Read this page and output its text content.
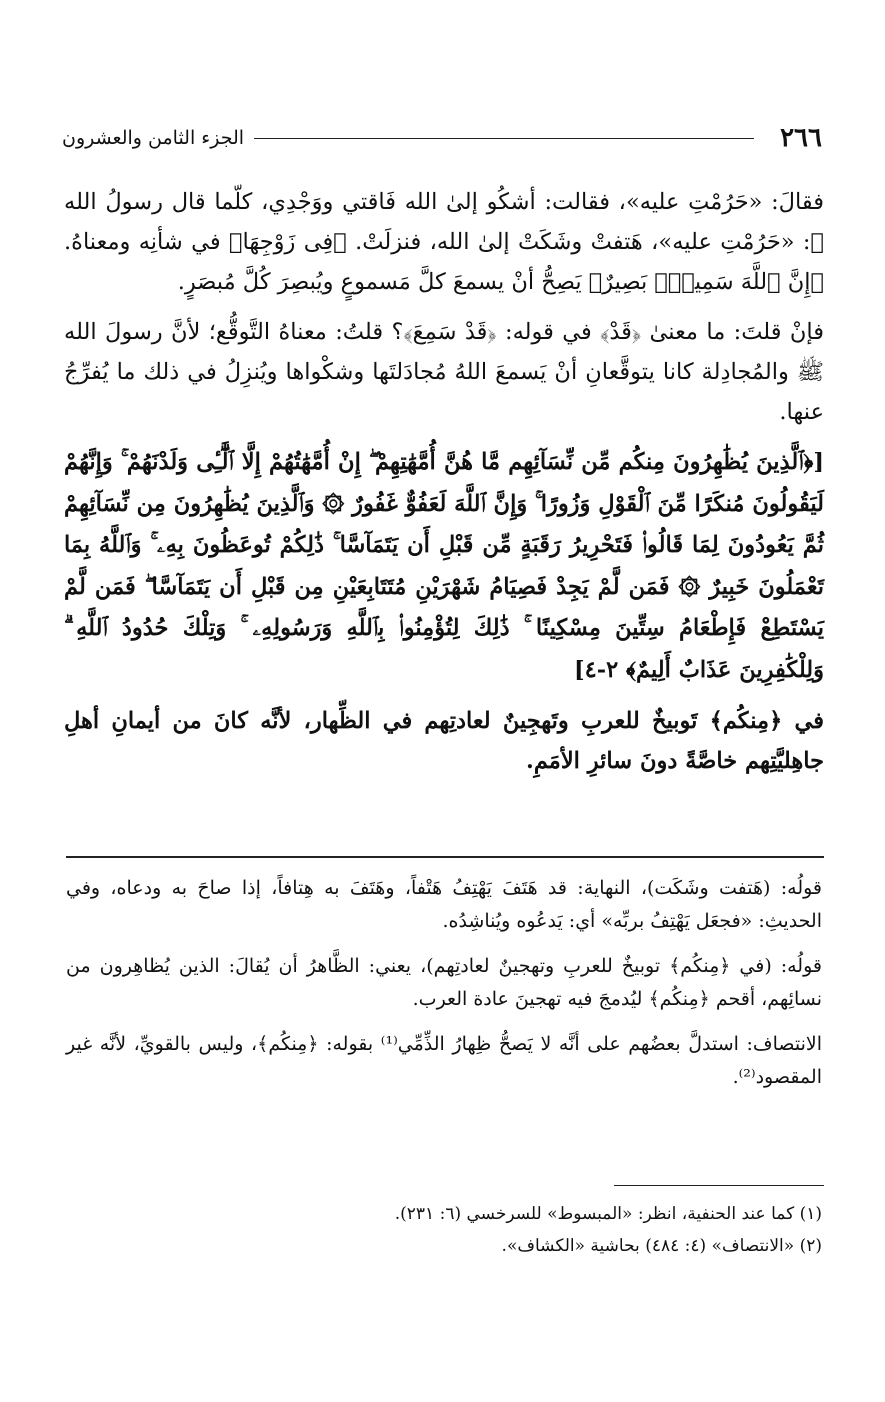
٢٦٦
الجزء الثامن والعشرون

فقالَ: «حَرُمْتِ عليه»، فقالت: أشكُو إلىٰ الله فَاقتي ووَجْدِي، كلّما قال رسولُ الله ﷺ: «حَرُمْتِ عليه»، هَتفتْ وشَكَتْ إلىٰ الله، فنزلَتْ. ﴿فِى زَوْجِهَا﴾ في شأنِه ومعناهُ. ﴿إِنَّ ٱللَّهَ سَمِيعٌۢ بَصِيرٌ﴾ يَصِحُّ أنْ يسمعَ كلَّ مَسموعٍ ويُبصِرَ كُلَّ مُبصَرٍ.

فإنْ قلتَ: ما معنىٰ ﴿قَدْ﴾ في قوله: ﴿قَدْ سَمِعَ﴾؟ قلتُ: معناهُ التَّوقُّع؛ لأنَّ رسولَ الله ﷺ والمُجادِلة كانا يتوقَّعانِ أنْ يَسمعَ اللهُ مُجادَلتَها وشكْواها ويُنزِلُ في ذلك ما يُفرِّجُ عنها.

[﴿ٱلَّذِينَ يُظَٰهِرُونَ مِنكُم مِّن نِّسَآئِهِم مَّا هُنَّ أُمَّهَٰتِهِمْ ۖ إِنْ أُمَّهَٰتُهُمْ إِلَّا ٱلَّٰٓـِٔى وَلَدْنَهُمْ ۚ وَإِنَّهُمْ لَيَقُولُونَ مُنكَرًا مِّنَ ٱلْقَوْلِ وَزُورًا ۚ وَإِنَّ ٱللَّهَ لَعَفُوٌّ غَفُورٌ ۞ وَٱلَّذِينَ يُظَٰهِرُونَ مِن نِّسَآئِهِمْ ثُمَّ يَعُودُونَ لِمَا قَالُوا۟ فَتَحْرِيرُ رَقَبَةٍ مِّن قَبْلِ أَن يَتَمَآسَّا ۚ ذَٰلِكُمْ تُوعَظُونَ بِهِۦ ۚ وَٱللَّهُ بِمَا تَعْمَلُونَ خَبِيرٌ ۞ فَمَن لَّمْ يَجِدْ فَصِيَامُ شَهْرَيْنِ مُتَتَابِعَيْنِ مِن قَبْلِ أَن يَتَمَآسَّا ۖ فَمَن لَّمْ يَسْتَطِعْ فَإِطْعَامُ سِتِّينَ مِسْكِينًا ۚ ذَٰلِكَ لِتُؤْمِنُوا۟ بِٱللَّهِ وَرَسُولِهِۦ ۚ وَتِلْكَ حُدُودُ ٱللَّهِ ۗ وَلِلْكَٰفِرِينَ عَذَابٌ أَلِيمٌ﴾ ٢-٤]

في ﴿مِنكُم﴾ تَوبيخٌ للعربِ وتَهجِينٌ لعادتِهم في الظِّهار، لأنَّه كانَ من أيمانِ أهلِ جاهِليَّتِهم خاصَّةً دونَ سائرِ الأمَمِ.

قولُه: (هَتفت وشَكَت)، النهاية: قد هَتَفَ يَهْتِفُ هَتْفاً، وهَتَفَ به هِتافاً، إذا صاحَ به ودعاه، وفي الحديثِ: «فجعَل يَهْتِفُ بربِّه» أي: يَدعُوه ويُناشِدُه.

قولُه: (في ﴿مِنكُم﴾ توبيخٌ للعربِ وتهجينٌ لعادتِهم)، يعني: الظَّاهرُ أن يُقالَ: الذين يُظاهِرون من نسائِهم، أقحم ﴿مِنكُم﴾ ليُدمجَ فيه تهجينَ عادة العرب.

الانتصاف: استدلَّ بعضُهم على أنَّه لا يَصحُّ ظِهارُ الذِّمِّي⁽¹⁾ بقوله: ﴿مِنكُم﴾، وليس بالقويِّ، لأنَّه غير المقصود⁽²⁾.

(١) كما عند الحنفية، انظر: «المبسوط» للسرخسي (٦: ٢٣١).
(٢) «الانتصاف» (٤: ٤٨٤) بحاشية «الكشاف».
